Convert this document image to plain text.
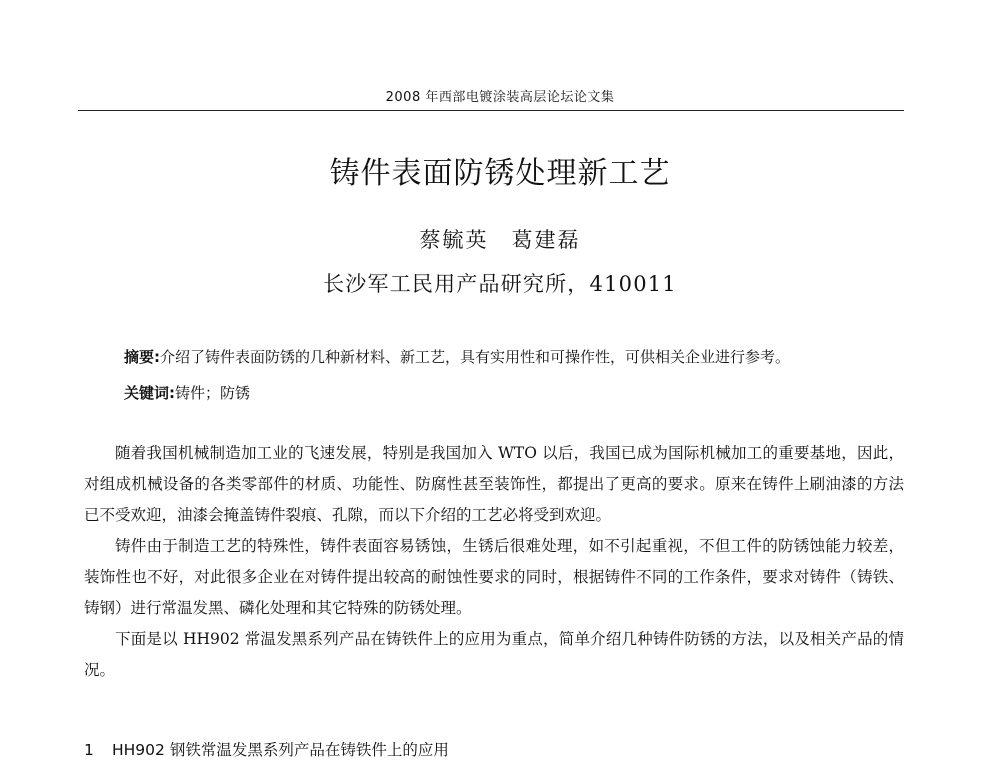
2008 年西部电镀涂装高层论坛论文集
铸件表面防锈处理新工艺
蔡毓英　葛建磊
长沙军工民用产品研究所，410011
摘要:介绍了铸件表面防锈的几种新材料、新工艺，具有实用性和可操作性，可供相关企业进行参考。
关键词:铸件；防锈

随着我国机械制造加工业的飞速发展，特别是我国加入 WTO 以后，我国已成为国际机械加工的重要基地，因此，对组成机械设备的各类零部件的材质、功能性、防腐性甚至装饰性，都提出了更高的要求。原来在铸件上刷油漆的方法已不受欢迎，油漆会掩盖铸件裂痕、孔隙，而以下介绍的工艺必将受到欢迎。

铸件由于制造工艺的特殊性，铸件表面容易锈蚀，生锈后很难处理，如不引起重视，不但工件的防锈蚀能力较差，装饰性也不好，对此很多企业在对铸件提出较高的耐蚀性要求的同时，根据铸件不同的工作条件，要求对铸件（铸铁、铸钢）进行常温发黑、磷化处理和其它特殊的防锈处理。

下面是以 HH902 常温发黑系列产品在铸铁件上的应用为重点，简单介绍几种铸件防锈的方法，以及相关产品的情况。

1 HH902 钢铁常温发黑系列产品在铸铁件上的应用
